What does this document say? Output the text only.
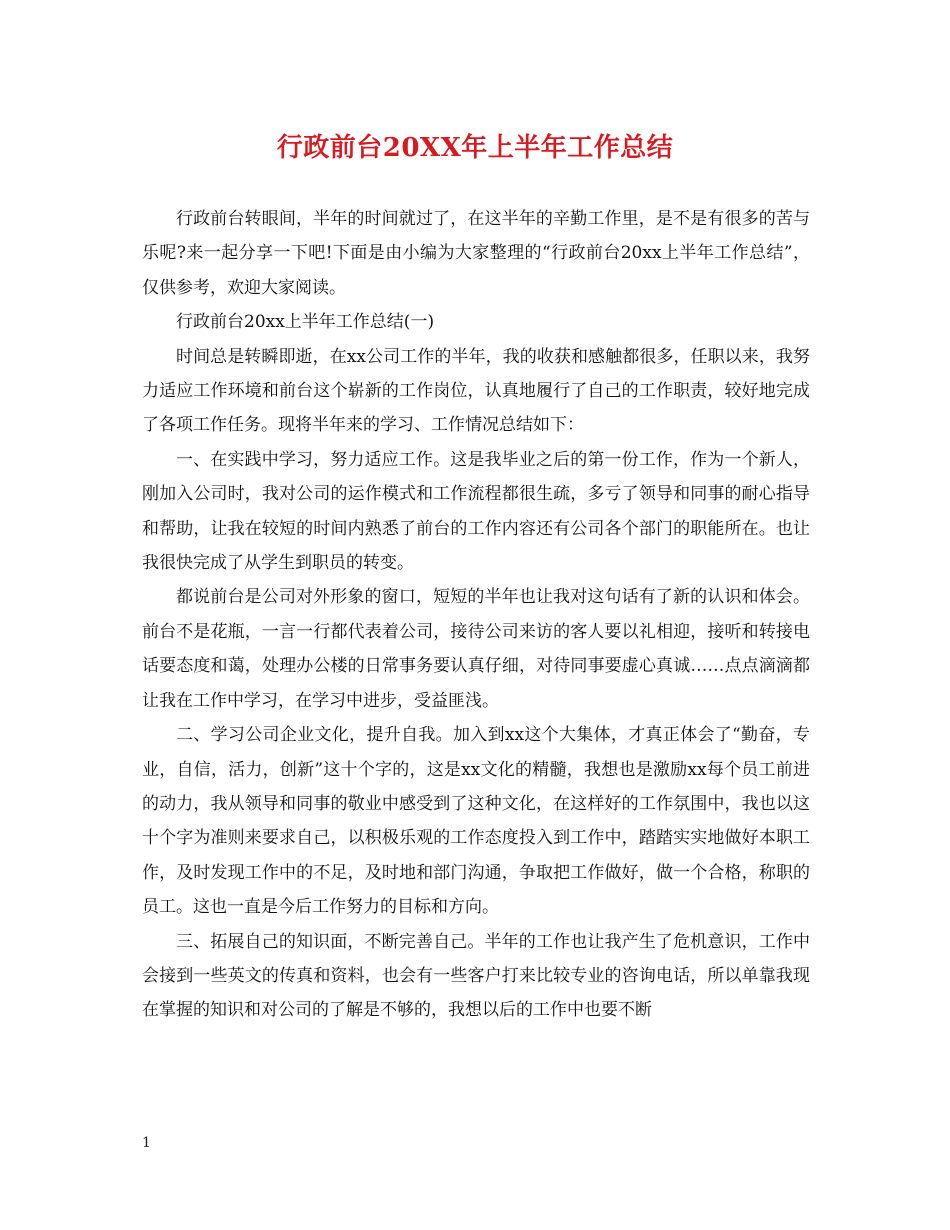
行政前台20XX年上半年工作总结

行政前台转眼间，半年的时间就过了，在这半年的辛勤工作里，是不是有很多的苦与乐呢?来一起分享一下吧!下面是由小编为大家整理的“行政前台20xx上半年工作总结”，仅供参考，欢迎大家阅读。

行政前台20xx上半年工作总结(一)

时间总是转瞬即逝，在xx公司工作的半年，我的收获和感触都很多，任职以来，我努力适应工作环境和前台这个崭新的工作岗位，认真地履行了自己的工作职责，较好地完成了各项工作任务。现将半年来的学习、工作情况总结如下：

一、在实践中学习，努力适应工作。这是我毕业之后的第一份工作，作为一个新人，刚加入公司时，我对公司的运作模式和工作流程都很生疏，多亏了领导和同事的耐心指导和帮助，让我在较短的时间内熟悉了前台的工作内容还有公司各个部门的职能所在。也让我很快完成了从学生到职员的转变。

都说前台是公司对外形象的窗口，短短的半年也让我对这句话有了新的认识和体会。前台不是花瓶，一言一行都代表着公司，接待公司来访的客人要以礼相迎，接听和转接电话要态度和蔼，处理办公楼的日常事务要认真仔细，对待同事要虚心真诚……点点滴滴都让我在工作中学习，在学习中进步，受益匪浅。

二、学习公司企业文化，提升自我。加入到xx这个大集体，才真正体会了“勤奋，专业，自信，活力，创新”这十个字的，这是xx文化的精髓，我想也是激励xx每个员工前进的动力，我从领导和同事的敬业中感受到了这种文化，在这样好的工作氛围中，我也以这十个字为准则来要求自己，以积极乐观的工作态度投入到工作中，踏踏实实地做好本职工作，及时发现工作中的不足，及时地和部门沟通，争取把工作做好，做一个合格，称职的员工。这也一直是今后工作努力的目标和方向。

三、拓展自己的知识面，不断完善自己。半年的工作也让我产生了危机意识，工作中会接到一些英文的传真和资料，也会有一些客户打来比较专业的咨询电话，所以单靠我现在掌握的知识和对公司的了解是不够的，我想以后的工作中也要不断

1
